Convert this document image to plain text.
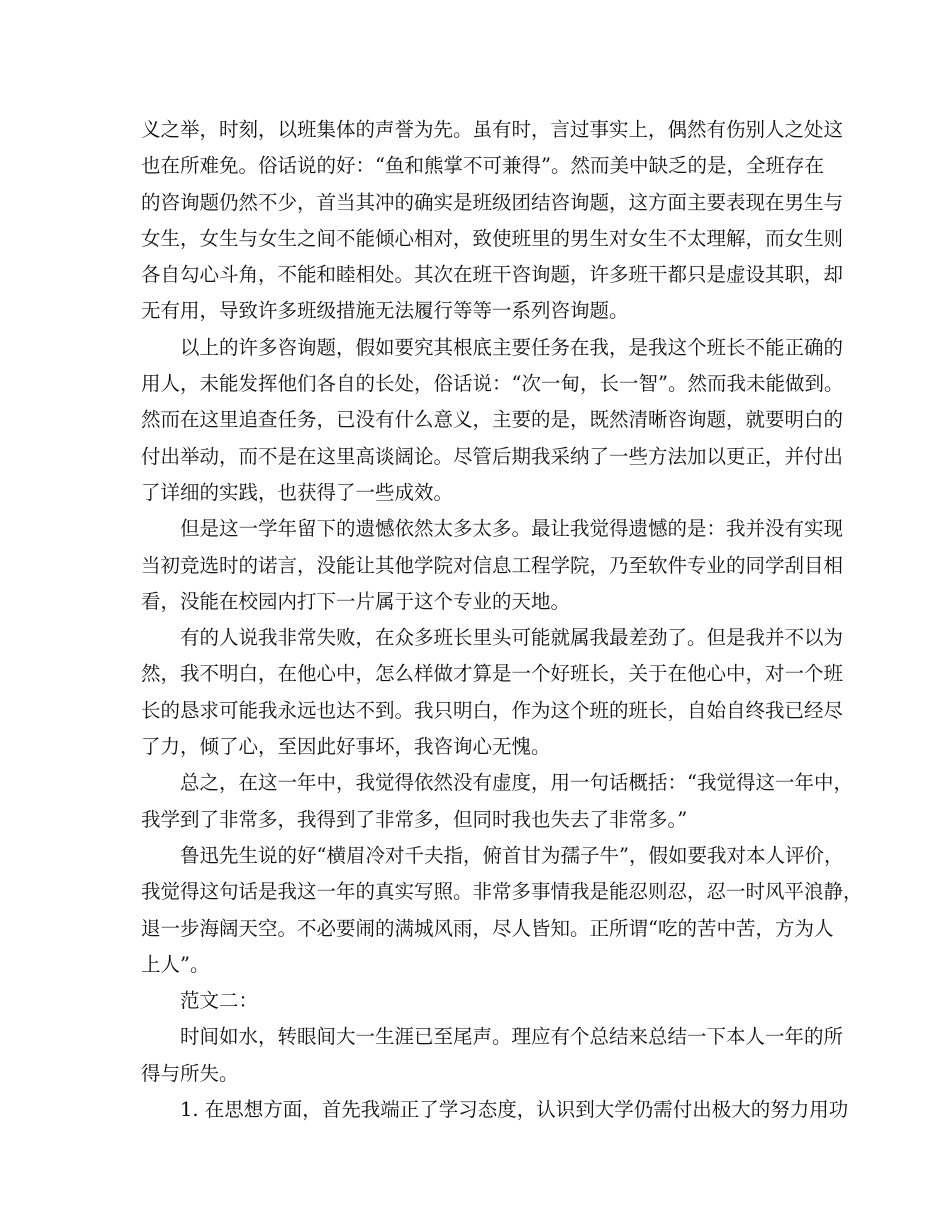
义之举，时刻，以班集体的声誉为先。虽有时，言过事实上，偶然有伤别人之处这
也在所难免。俗话说的好：“鱼和熊掌不可兼得”。然而美中缺乏的是，全班存在
的咨询题仍然不少，首当其冲的确实是班级团结咨询题，这方面主要表现在男生与
女生，女生与女生之间不能倾心相对，致使班里的男生对女生不太理解，而女生则
各自勾心斗角，不能和睦相处。其次在班干咨询题，许多班干都只是虚设其职，却
无有用，导致许多班级措施无法履行等等一系列咨询题。
以上的许多咨询题，假如要究其根底主要任务在我，是我这个班长不能正确的
用人，未能发挥他们各自的长处，俗话说：“次一甸，长一智”。然而我未能做到。
然而在这里追查任务，已没有什么意义，主要的是，既然清晰咨询题，就要明白的
付出举动，而不是在这里高谈阔论。尽管后期我采纳了一些方法加以更正，并付出
了详细的实践，也获得了一些成效。
但是这一学年留下的遗憾依然太多太多。最让我觉得遗憾的是：我并没有实现
当初竞选时的诺言，没能让其他学院对信息工程学院，乃至软件专业的同学刮目相
看，没能在校园内打下一片属于这个专业的天地。
有的人说我非常失败，在众多班长里头可能就属我最差劲了。但是我并不以为
然，我不明白，在他心中，怎么样做才算是一个好班长，关于在他心中，对一个班
长的恳求可能我永远也达不到。我只明白，作为这个班的班长，自始自终我已经尽
了力，倾了心，至因此好事坏，我咨询心无愧。
总之，在这一年中，我觉得依然没有虚度，用一句话概括：“我觉得这一年中，
我学到了非常多，我得到了非常多，但同时我也失去了非常多。”
鲁迅先生说的好“横眉冷对千夫指，俯首甘为孺子牛”，假如要我对本人评价，
我觉得这句话是我这一年的真实写照。非常多事情我是能忍则忍，忍一时风平浪静，
退一步海阔天空。不必要闹的满城风雨，尽人皆知。正所谓“吃的苦中苦，方为人
上人”。
范文二：
时间如水，转眼间大一生涯已至尾声。理应有个总结来总结一下本人一年的所
得与所失。
1. 在思想方面，首先我端正了学习态度，认识到大学仍需付出极大的努力用功
